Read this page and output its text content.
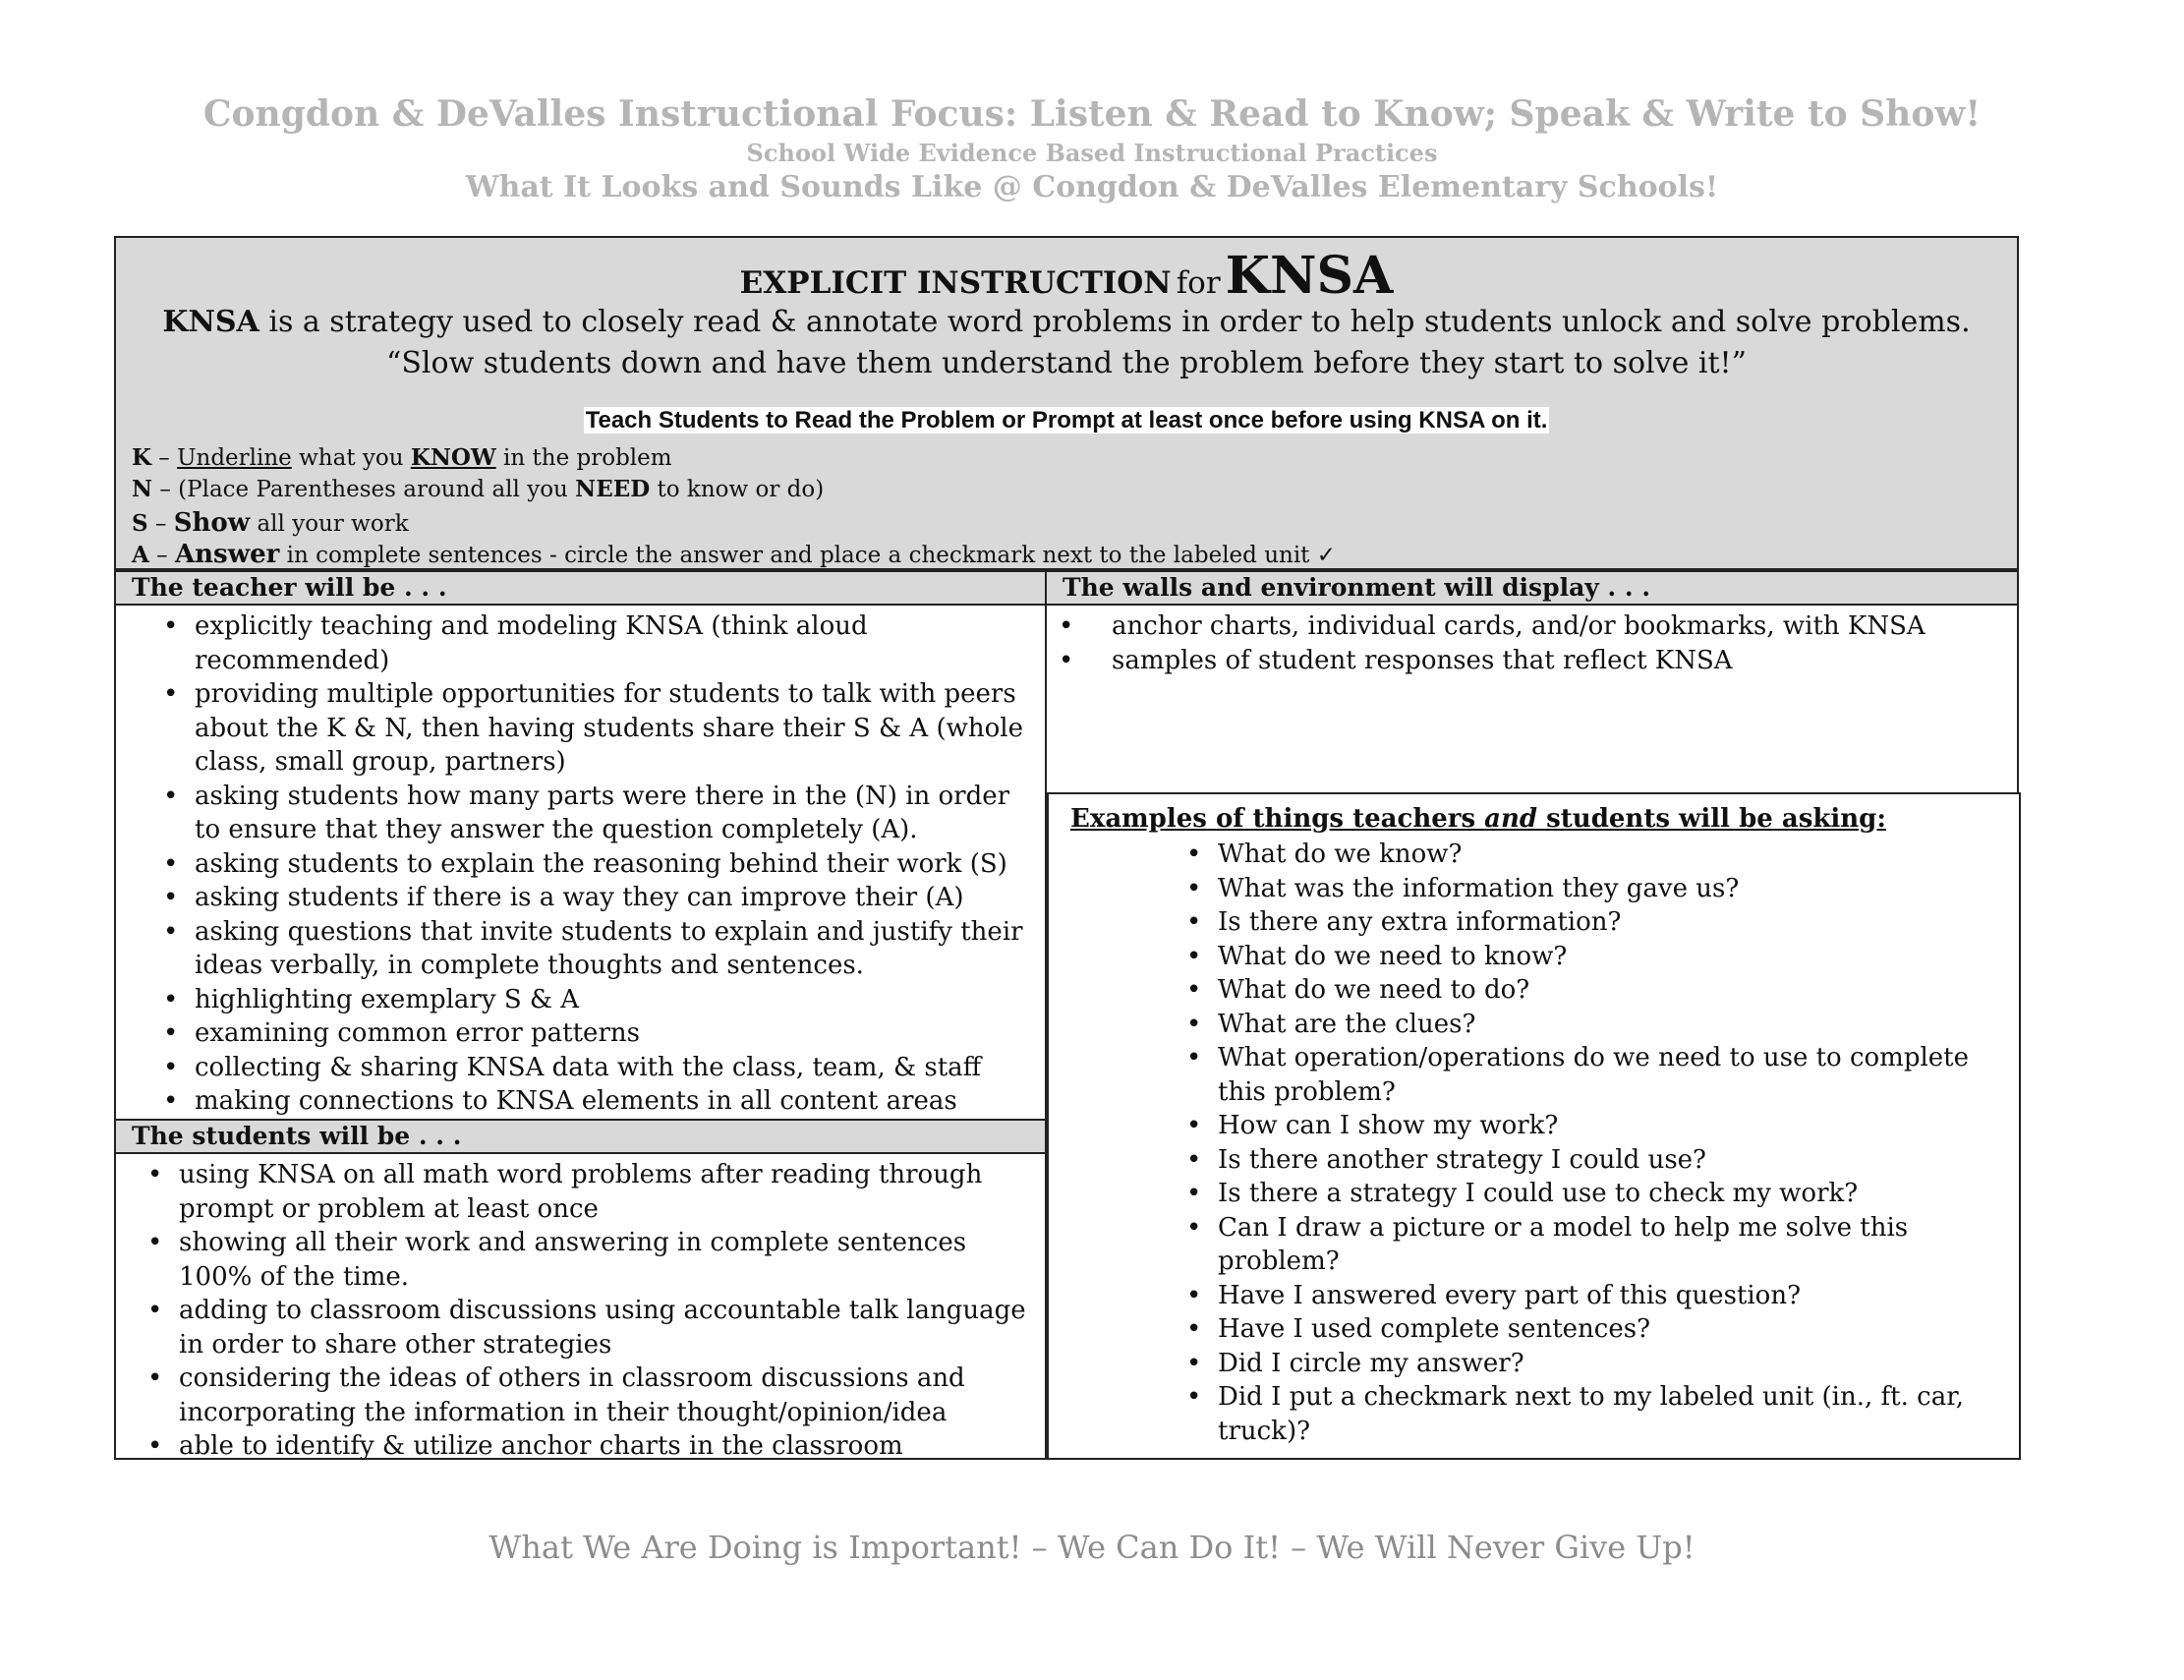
Congdon & DeValles Instructional Focus: Listen & Read to Know; Speak & Write to Show!
School Wide Evidence Based Instructional Practices
What It Looks and Sounds Like @ Congdon & DeValles Elementary Schools!
EXPLICIT INSTRUCTION for KNSA
KNSA is a strategy used to closely read & annotate word problems in order to help students unlock and solve problems.
“Slow students down and have them understand the problem before they start to solve it!”
Teach Students to Read the Problem or Prompt at least once before using KNSA on it.
K – Underline what you KNOW in the problem
N – (Place Parentheses around all you NEED to know or do)
S – Show all your work
A – Answer in complete sentences - circle the answer and place a checkmark next to the labeled unit ✓
The teacher will be . . .
• explicitly teaching and modeling KNSA (think aloud recommended)
• providing multiple opportunities for students to talk with peers about the K & N, then having students share their S & A (whole class, small group, partners)
• asking students how many parts were there in the (N) in order to ensure that they answer the question completely (A).
• asking students to explain the reasoning behind their work (S)
• asking students if there is a way they can improve their (A)
• asking questions that invite students to explain and justify their ideas verbally, in complete thoughts and sentences.
• highlighting exemplary S & A
• examining common error patterns
• collecting & sharing KNSA data with the class, team, & staff
• making connections to KNSA elements in all content areas
The walls and environment will display . . .
• anchor charts, individual cards, and/or bookmarks, with KNSA
• samples of student responses that reflect KNSA
The students will be . . .
• using KNSA on all math word problems after reading through prompt or problem at least once
• showing all their work and answering in complete sentences 100% of the time.
• adding to classroom discussions using accountable talk language in order to share other strategies
• considering the ideas of others in classroom discussions and incorporating the information in their thought/opinion/idea
• able to identify & utilize anchor charts in the classroom
Examples of things teachers and students will be asking:
• What do we know?
• What was the information they gave us?
• Is there any extra information?
• What do we need to know?
• What do we need to do?
• What are the clues?
• What operation/operations do we need to use to complete this problem?
• How can I show my work?
• Is there another strategy I could use?
• Is there a strategy I could use to check my work?
• Can I draw a picture or a model to help me solve this problem?
• Have I answered every part of this question?
• Have I used complete sentences?
• Did I circle my answer?
• Did I put a checkmark next to my labeled unit (in., ft. car, truck)?
What We Are Doing is Important! – We Can Do It! – We Will Never Give Up!
